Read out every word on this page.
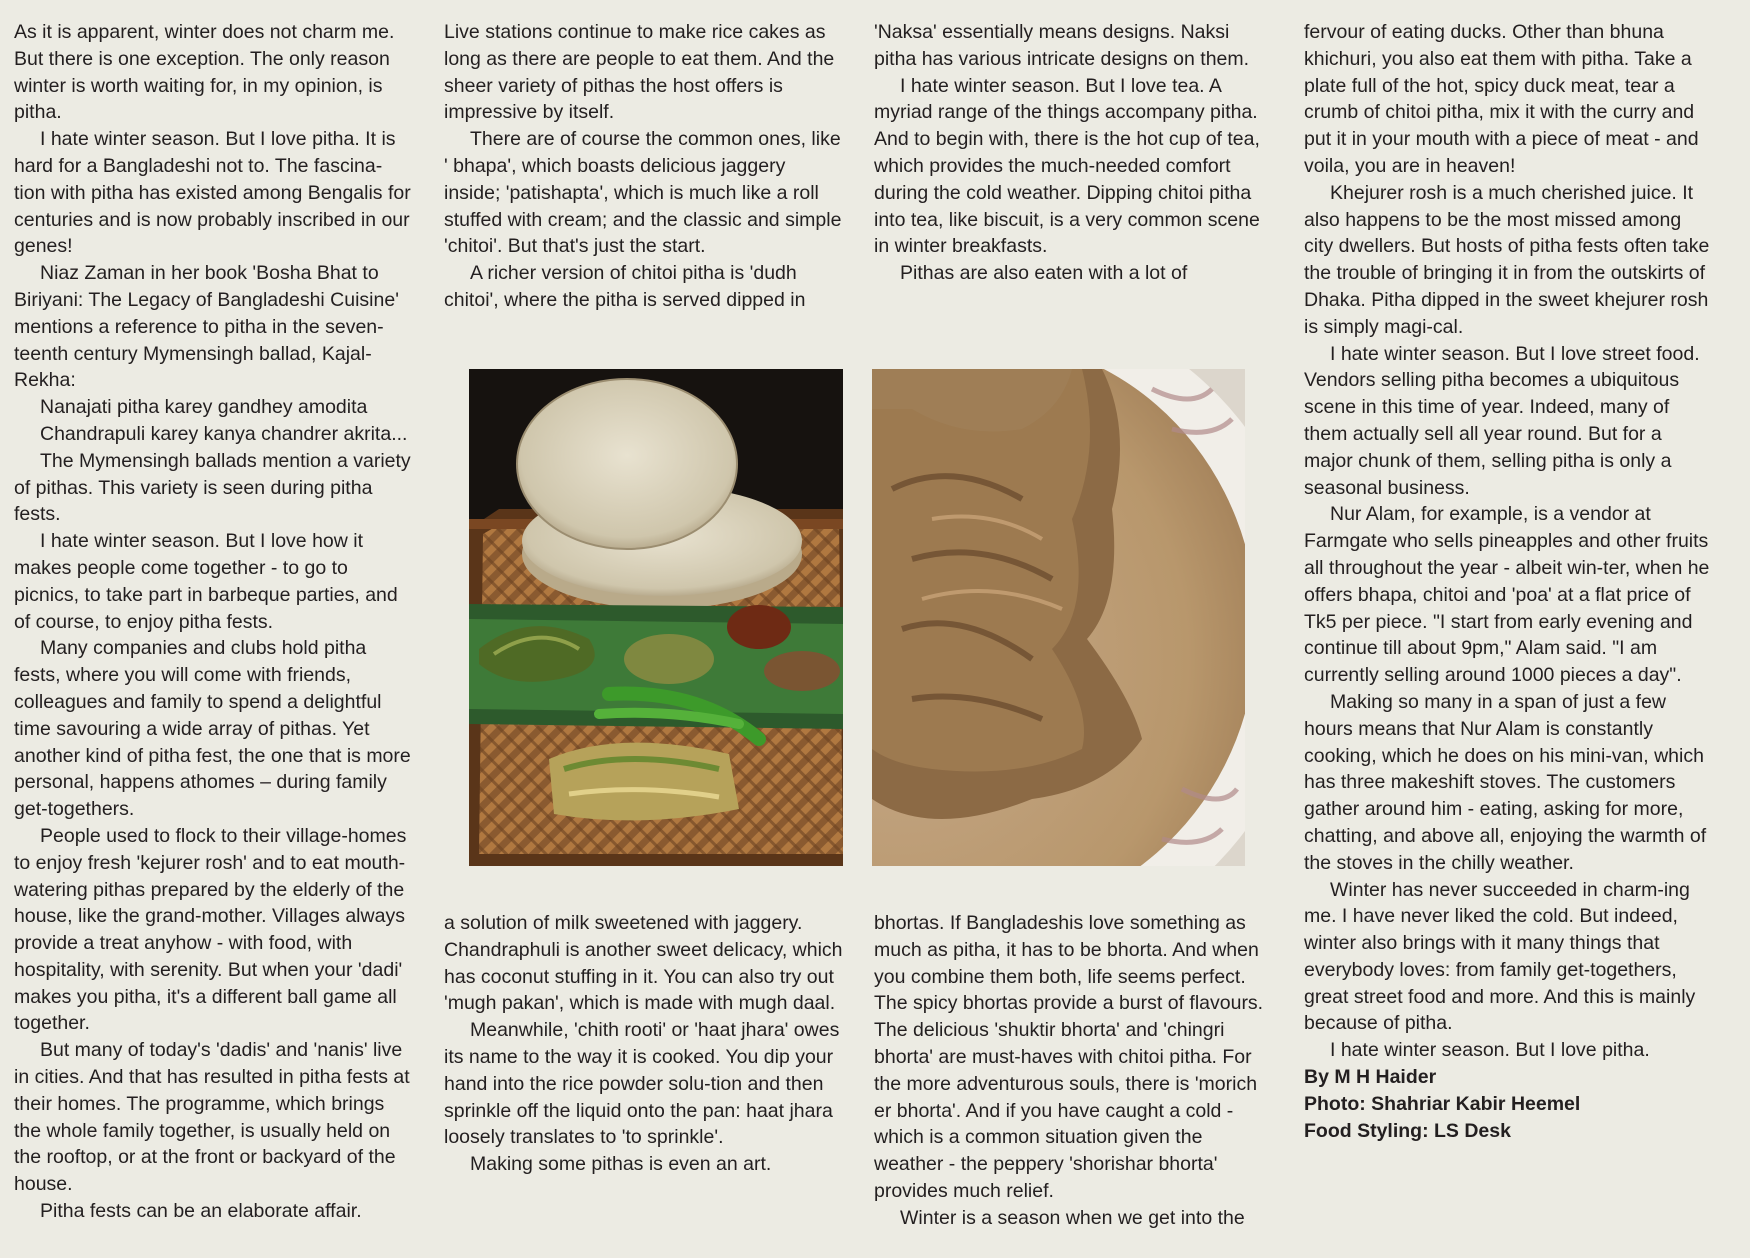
As it is apparent, winter does not charm me. But there is one exception. The only reason winter is worth waiting for, in my opinion, is pitha.

I hate winter season. But I love pitha. It is hard for a Bangladeshi not to. The fascina-tion with pitha has existed among Bengalis for centuries and is now probably inscribed in our genes!

Niaz Zaman in her book 'Bosha Bhat to Biriyani: The Legacy of Bangladeshi Cuisine' mentions a reference to pitha in the seven-teenth century Mymensingh ballad, Kajal-Rekha:

Nanajati pitha karey gandhey amodita

Chandrapuli karey kanya chandrer akrita...

The Mymensingh ballads mention a variety of pithas. This variety is seen during pitha fests.

I hate winter season. But I love how it makes people come together - to go to picnics, to take part in barbeque parties, and of course, to enjoy pitha fests.

Many companies and clubs hold pitha fests, where you will come with friends, colleagues and family to spend a delightful time savouring a wide array of pithas. Yet another kind of pitha fest, the one that is more personal, happens athomes – during family get-togethers.

People used to flock to their village-homes to enjoy fresh 'kejurer rosh' and to eat mouth-watering pithas prepared by the elderly of the house, like the grand-mother. Villages always provide a treat anyhow - with food, with hospitality, with serenity. But when your 'dadi' makes you pitha, it's a different ball game all together.

But many of today's 'dadis' and 'nanis' live in cities. And that has resulted in pitha fests at their homes. The programme, which brings the whole family together, is usually held on the rooftop, or at the front or backyard of the house.

Pitha fests can be an elaborate affair.

Live stations continue to make rice cakes as long as there are people to eat them. And the sheer variety of pithas the host offers is impressive by itself.

There are of course the common ones, like ' bhapa', which boasts delicious jaggery inside; 'patishapta', which is much like a roll stuffed with cream; and the classic and simple 'chitoi'. But that's just the start.

A richer version of chitoi pitha is 'dudh chitoi', where the pitha is served dipped in

'Naksa' essentially means designs. Naksi pitha has various intricate designs on them.

I hate winter season. But I love tea. A myriad range of the things accompany pitha. And to begin with, there is the hot cup of tea, which provides the much-needed comfort during the cold weather. Dipping chitoi pitha into tea, like biscuit, is a very common scene in winter breakfasts.

Pithas are also eaten with a lot of

a solution of milk sweetened with jaggery. Chandraphuli is another sweet delicacy, which has coconut stuffing in it. You can also try out 'mugh pakan', which is made with mugh daal.

Meanwhile, 'chith rooti' or 'haat jhara' owes its name to the way it is cooked. You dip your hand into the rice powder solu-tion and then sprinkle off the liquid onto the pan: haat jhara loosely translates to 'to sprinkle'.

Making some pithas is even an art.

bhortas. If Bangladeshis love something as much as pitha, it has to be bhorta. And when you combine them both, life seems perfect. The spicy bhortas provide a burst of flavours. The delicious 'shuktir bhorta' and 'chingri bhorta' are must-haves with chitoi pitha. For the more adventurous souls, there is 'morich er bhorta'. And if you have caught a cold - which is a common situation given the weather - the peppery 'shorishar bhorta' provides much relief.

Winter is a season when we get into the

fervour of eating ducks. Other than bhuna khichuri, you also eat them with pitha. Take a plate full of the hot, spicy duck meat, tear a crumb of chitoi pitha, mix it with the curry and put it in your mouth with a piece of meat - and voila, you are in heaven!

Khejurer rosh is a much cherished juice. It also happens to be the most missed among city dwellers. But hosts of pitha fests often take the trouble of bringing it in from the outskirts of Dhaka. Pitha dipped in the sweet khejurer rosh is simply magi-cal.

I hate winter season. But I love street food. Vendors selling pitha becomes a ubiquitous scene in this time of year. Indeed, many of them actually sell all year round. But for a major chunk of them, selling pitha is only a seasonal business.

Nur Alam, for example, is a vendor at Farmgate who sells pineapples and other fruits all throughout the year - albeit win-ter, when he offers bhapa, chitoi and 'poa' at a flat price of Tk5 per piece. "I start from early evening and continue till about 9pm," Alam said. "I am currently selling around 1000 pieces a day".

Making so many in a span of just a few hours means that Nur Alam is constantly cooking, which he does on his mini-van, which has three makeshift stoves. The customers gather around him - eating, asking for more, chatting, and above all, enjoying the warmth of the stoves in the chilly weather.

Winter has never succeeded in charm-ing me. I have never liked the cold. But indeed, winter also brings with it many things that everybody loves: from family get-togethers, great street food and more. And this is mainly because of pitha.

I hate winter season. But I love pitha.

By M H Haider

Photo: Shahriar Kabir Heemel

Food Styling: LS Desk
